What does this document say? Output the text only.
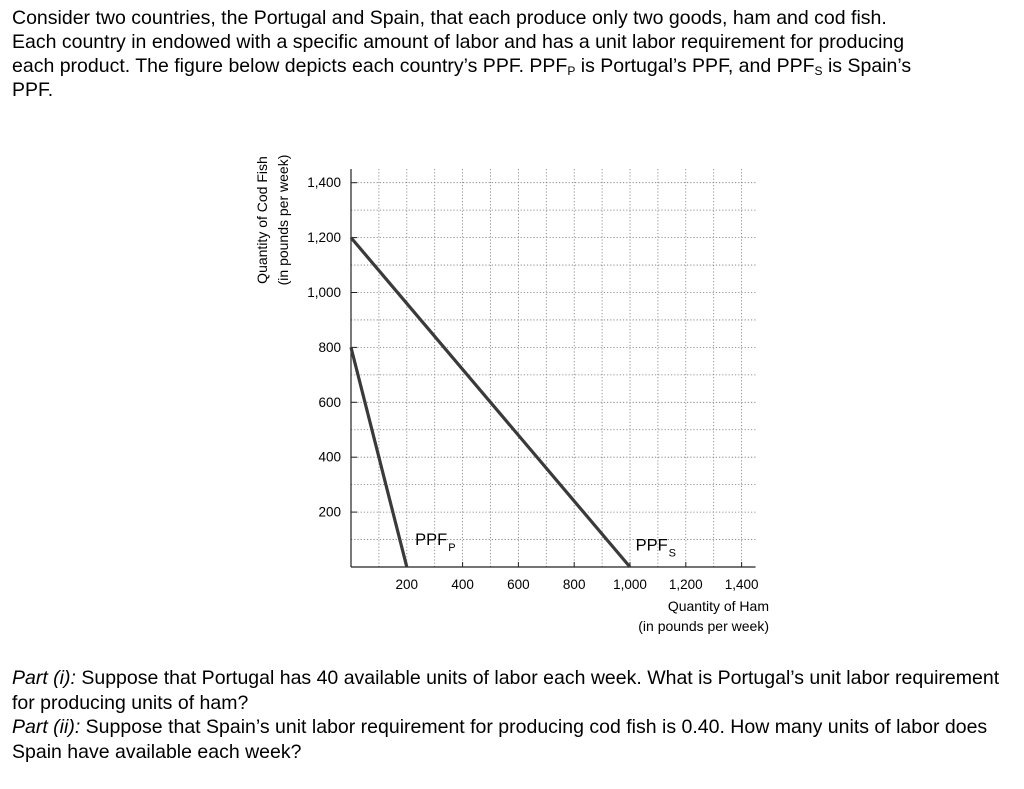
Consider two countries, the Portugal and Spain, that each produce only two goods, ham and cod fish.
Each country in endowed with a specific amount of labor and has a unit labor requirement for producing
each product. The figure below depicts each country’s PPF. $PPF_P$ is Portugal’s PPF, and $PPF_S$ is Spain’s
PPF.
200
400
600
800
1,000
1,200
1,400
200 400 600 800 1,000 1,200 1,400
$PPF_P$	$PPF_S$
Quantity of Ham
(in pounds per week)
Quantity of Cod Fish (in pounds per week)

Part (i): Suppose that Portugal has 40 available units of labor each week. What is Portugal’s unit labor requirement for producing units of ham?

Part (ii): Suppose that Spain’s unit labor requirement for producing cod fish is 0.40. How many units of labor does Spain have available each week?
